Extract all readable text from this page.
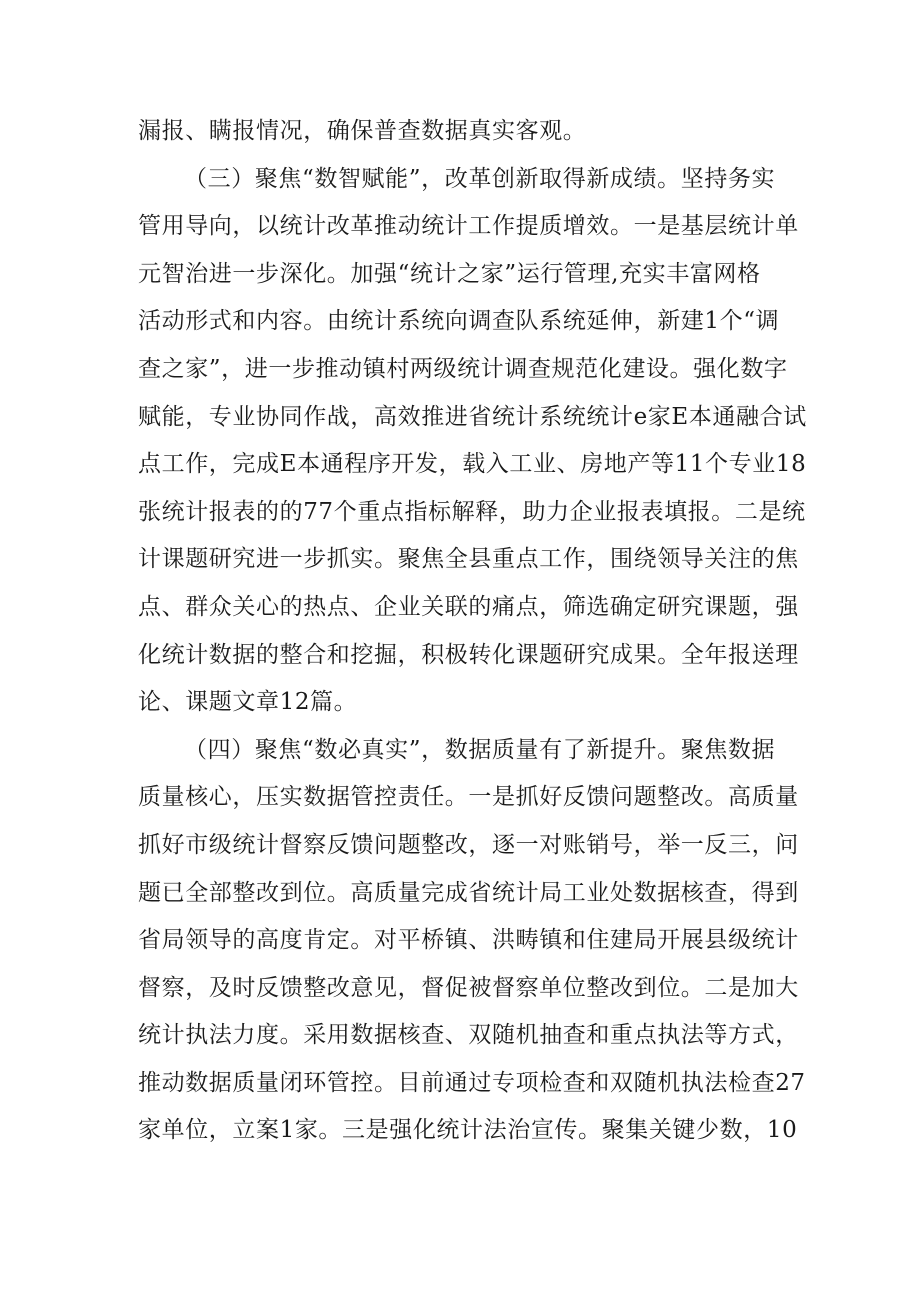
漏报、瞒报情况，确保普查数据真实客观。
（三）聚焦“数智赋能”，改革创新取得新成绩。坚持务实
管用导向，以统计改革推动统计工作提质增效。一是基层统计单
元智治进一步深化。加强“统计之家”运行管理,充实丰富网格
活动形式和内容。由统计系统向调查队系统延伸，新建1个“调
查之家”，进一步推动镇村两级统计调查规范化建设。强化数字
赋能，专业协同作战，高效推进省统计系统统计e家E本通融合试
点工作，完成E本通程序开发，载入工业、房地产等11个专业18
张统计报表的的77个重点指标解释，助力企业报表填报。二是统
计课题研究进一步抓实。聚焦全县重点工作，围绕领导关注的焦
点、群众关心的热点、企业关联的痛点，筛选确定研究课题，强
化统计数据的整合和挖掘，积极转化课题研究成果。全年报送理
论、课题文章12篇。
（四）聚焦“数必真实”，数据质量有了新提升。聚焦数据
质量核心，压实数据管控责任。一是抓好反馈问题整改。高质量
抓好市级统计督察反馈问题整改，逐一对账销号，举一反三，问
题已全部整改到位。高质量完成省统计局工业处数据核查，得到
省局领导的高度肯定。对平桥镇、洪畴镇和住建局开展县级统计
督察，及时反馈整改意见，督促被督察单位整改到位。二是加大
统计执法力度。采用数据核查、双随机抽查和重点执法等方式，
推动数据质量闭环管控。目前通过专项检查和双随机执法检查27
家单位，立案1家。三是强化统计法治宣传。聚集关键少数，10
